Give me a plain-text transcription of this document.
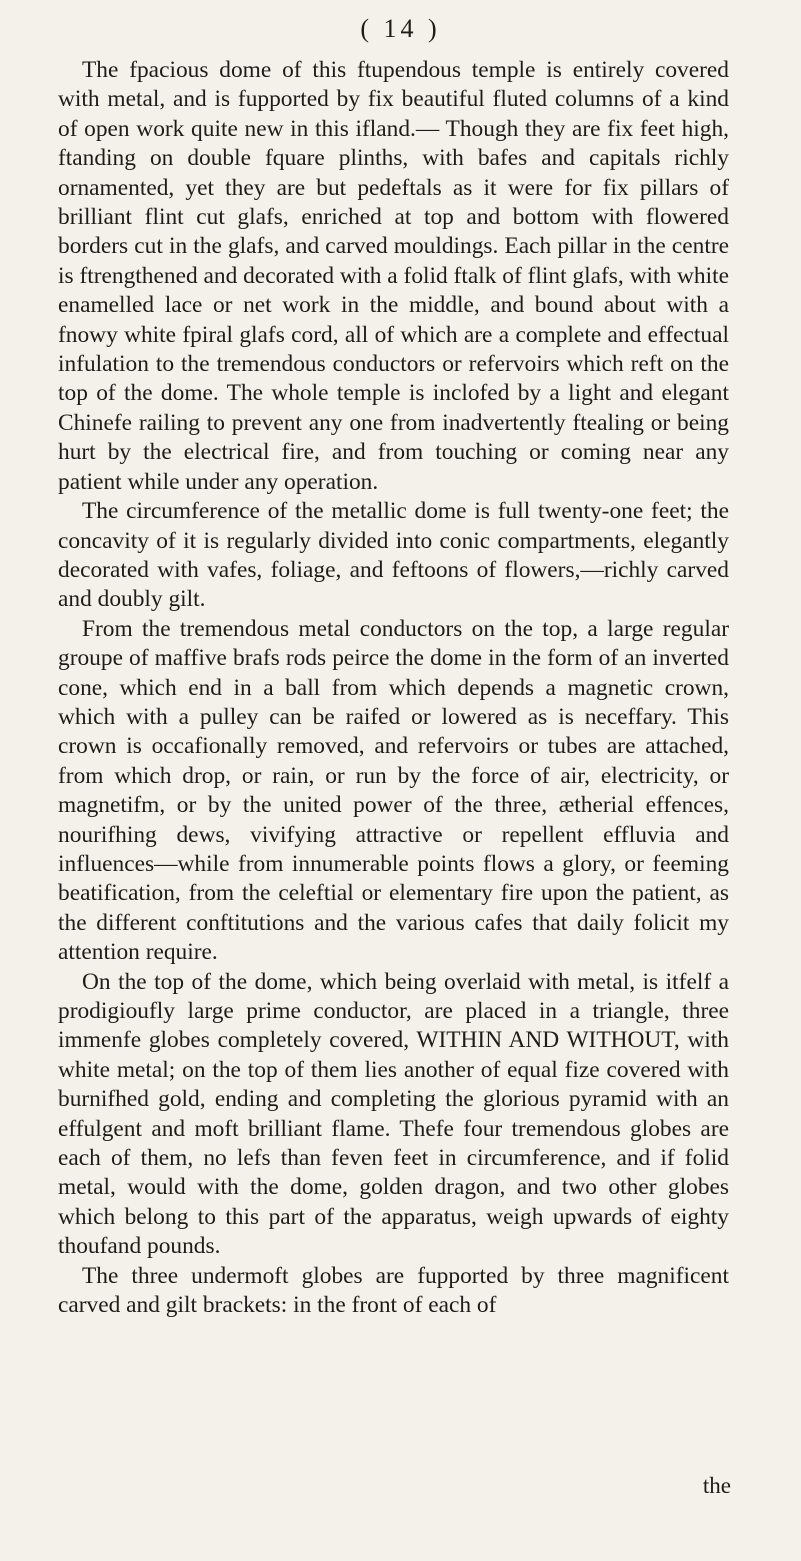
( 14 )

The fpacious dome of this ftupendous temple is entirely covered with metal, and is fupported by fix beautiful fluted columns of a kind of open work quite new in this ifland.— Though they are fix feet high, ftanding on double fquare plinths, with bafes and capitals richly ornamented, yet they are but pedeftals as it were for fix pillars of brilliant flint cut glafs, enriched at top and bottom with flowered borders cut in the glafs, and carved mouldings. Each pillar in the centre is ftrengthened and decorated with a folid ftalk of flint glafs, with white enamelled lace or net work in the middle, and bound about with a fnowy white fpiral glafs cord, all of which are a complete and effectual infulation to the tremendous conductors or refervoirs which reft on the top of the dome. The whole temple is inclofed by a light and elegant Chinefe railing to prevent any one from inadvertently ftealing or being hurt by the electrical fire, and from touching or coming near any patient while under any operation.

The circumference of the metallic dome is full twenty-one feet; the concavity of it is regularly divided into conic compartments, elegantly decorated with vafes, foliage, and feftoons of flowers,—richly carved and doubly gilt.

From the tremendous metal conductors on the top, a large regular groupe of maffive brafs rods peirce the dome in the form of an inverted cone, which end in a ball from which depends a magnetic crown, which with a pulley can be raifed or lowered as is neceffary. This crown is occafionally removed, and refervoirs or tubes are attached, from which drop, or rain, or run by the force of air, electricity, or magnetifm, or by the united power of the three, ætherial effences, nourifhing dews, vivifying attractive or repellent effluvia and influences—while from innumerable points flows a glory, or feeming beatification, from the celeftial or elementary fire upon the patient, as the different conftitutions and the various cafes that daily folicit my attention require.

On the top of the dome, which being overlaid with metal, is itfelf a prodigioufly large prime conductor, are placed in a triangle, three immenfe globes completely covered, WITHIN AND WITHOUT, with white metal; on the top of them lies another of equal fize covered with burnifhed gold, ending and completing the glorious pyramid with an effulgent and moft brilliant flame. Thefe four tremendous globes are each of them, no lefs than feven feet in circumference, and if folid metal, would with the dome, golden dragon, and two other globes which belong to this part of the apparatus, weigh upwards of eighty thoufand pounds.

The three undermoft globes are fupported by three magnificent carved and gilt brackets: in the front of each of

the
